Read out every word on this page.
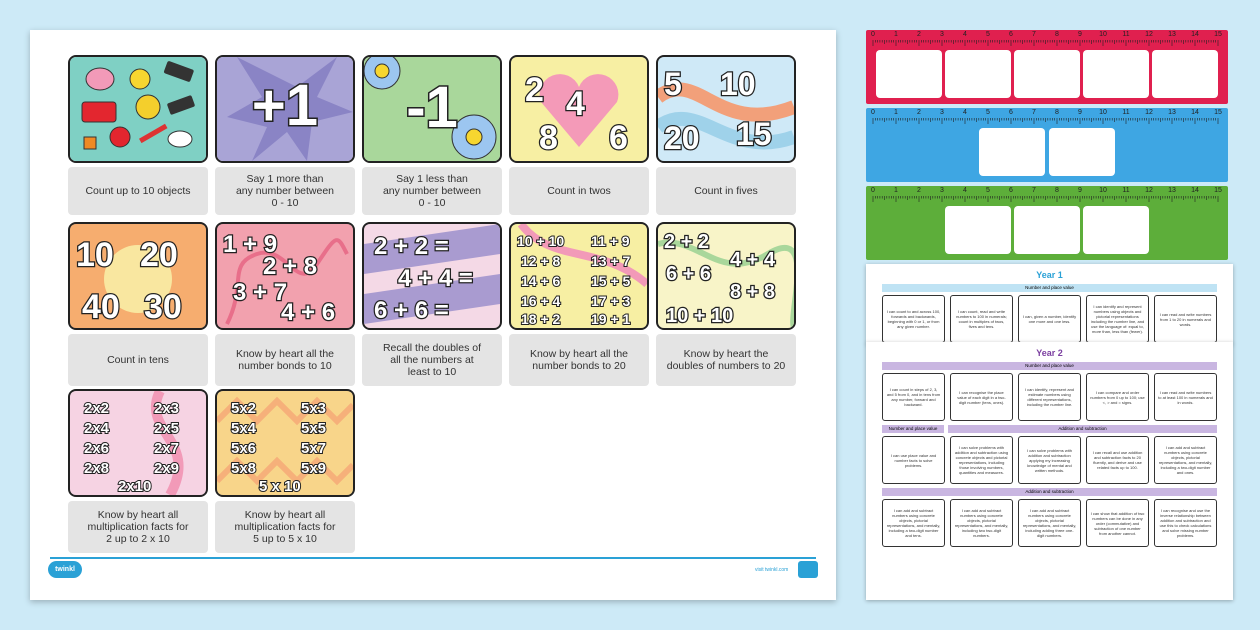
Count up to 10 objects
+1
Say 1 more than
any number between
0 - 10
-1
Say 1 less than
any number between
0 - 10
2 4
8 6
Count in twos
5 10
20 15
Count in fives
10 20
40 30
Count in tens
1 + 9
2 + 8
3 + 7
4 + 6
Know by heart all the
number bonds to 10
2 + 2 =
4 + 4 =
6 + 6 =
Recall the doubles of
all the numbers at
least to 10
10 + 10 11 + 9
12 + 8 13 + 7
14 + 6 15 + 5
16 + 4 17 + 3
18 + 2 19 + 1
Know by heart all the
number bonds to 20
2 + 2
4 + 4
6 + 6
8 + 8
10 + 10
Know by heart the
doubles of numbers to 20
2x2	2x3
2x4	2x5
2x6	2x7
2x8	2x9
2x10
Know by heart all
multiplication facts for
2 up to 2 x 10
5x2	5x3
5x4	5x5
5x6	5x7
5x8	5x9
5 x 10
Know by heart all
multiplication facts for
5 up to 5 x 10
twinkl	visit twinkl.com
0	1	2	3	4	5	6	7	8	9 10 11 12 13 14 15
0	1	2	3	4	5	6	7	8	9 10 11 12 13 14 15
0	1	2	3	4	5	6	7	8	9 10 11 12 13 14 15
Year 1
Number and place value
I can count to and across 100, forwards and backwards, beginning with 0 or 1, or from any given number.
I can count, read and write numbers to 100 in numerals; count in multiples of twos, fives and tens.
I can, given a number, identify one more and one less.
I can identify and represent numbers using objects and pictorial representations including the number line, and use the language of: equal to, more than, less than (fewer).
I can read and write numbers from 1 to 20 in numerals and words.
Year 2
Number and place value
I can count in steps of 2, 3, and 5 from 0, and in tens from any number, forward and backward.
I can recognise the place value of each digit in a two-digit number (tens, ones).
I can identify, represent and estimate numbers using different representations, including the number line.
I can compare and order numbers from 0 up to 100; use <, > and = signs.
I can read and write numbers to at least 100 in numerals and in words.
Number and place value	Addition and subtraction
I can use place value and number facts to solve problems.
I can solve problems with addition and subtraction using concrete objects and pictorial representations, including those involving numbers, quantities and measures.
I can solve problems with addition and subtraction applying my increasing knowledge of mental and written methods.
I can recall and use addition and subtraction facts to 20 fluently, and derive and use related facts up to 100.
I can add and subtract numbers using concrete objects, pictorial representations, and mentally, including a two-digit number and ones.
Addition and subtraction
I can add and subtract numbers using concrete objects, pictorial representations, and mentally, including a two-digit number and tens.
I can add and subtract numbers using concrete objects, pictorial representations, and mentally, including two two-digit numbers.
I can add and subtract numbers using concrete objects, pictorial representations, and mentally, including adding three one-digit numbers.
I can show that addition of two numbers can be done in any order (commutative) and subtraction of one number from another cannot.
I can recognise and use the inverse relationship between addition and subtraction and use this to check calculations and solve missing number problems.
